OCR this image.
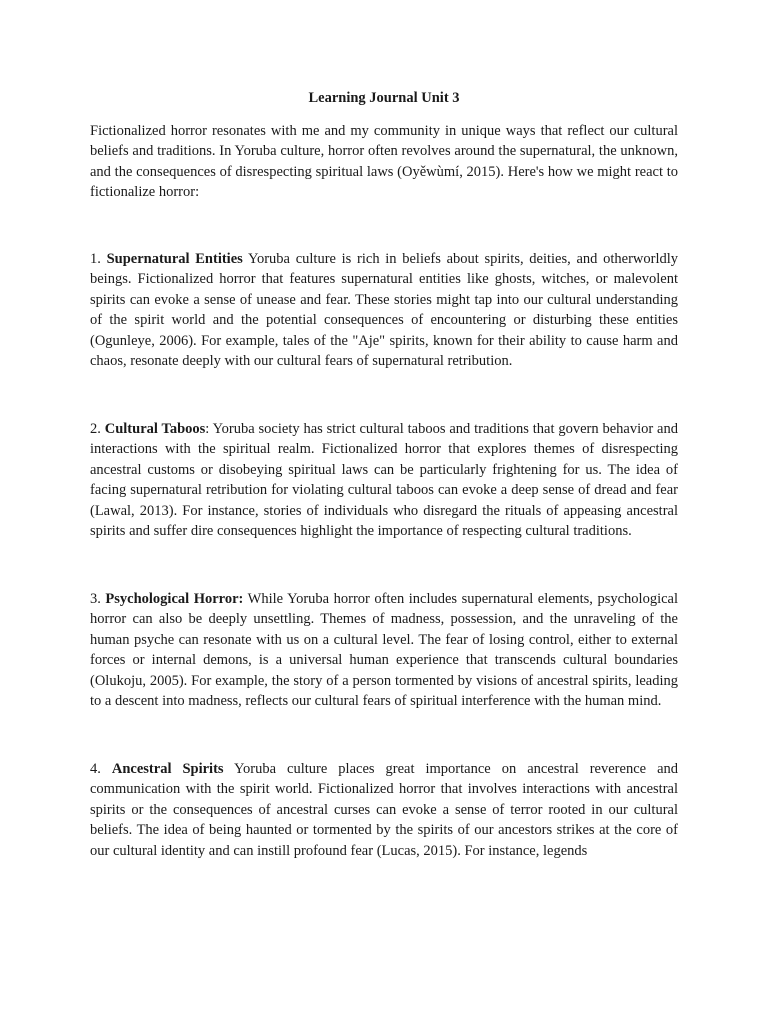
Learning Journal Unit 3

Fictionalized horror resonates with me and my community in unique ways that reflect our cultural beliefs and traditions. In Yoruba culture, horror often revolves around the supernatural, the unknown, and the consequences of disrespecting spiritual laws (Oyěwùmí, 2015). Here's how we might react to fictionalize horror:

1. Supernatural Entities Yoruba culture is rich in beliefs about spirits, deities, and otherworldly beings. Fictionalized horror that features supernatural entities like ghosts, witches, or malevolent spirits can evoke a sense of unease and fear. These stories might tap into our cultural understanding of the spirit world and the potential consequences of encountering or disturbing these entities (Ogunleye, 2006). For example, tales of the "Aje" spirits, known for their ability to cause harm and chaos, resonate deeply with our cultural fears of supernatural retribution.

2. Cultural Taboos: Yoruba society has strict cultural taboos and traditions that govern behavior and interactions with the spiritual realm. Fictionalized horror that explores themes of disrespecting ancestral customs or disobeying spiritual laws can be particularly frightening for us. The idea of facing supernatural retribution for violating cultural taboos can evoke a deep sense of dread and fear (Lawal, 2013). For instance, stories of individuals who disregard the rituals of appeasing ancestral spirits and suffer dire consequences highlight the importance of respecting cultural traditions.

3. Psychological Horror: While Yoruba horror often includes supernatural elements, psychological horror can also be deeply unsettling. Themes of madness, possession, and the unraveling of the human psyche can resonate with us on a cultural level. The fear of losing control, either to external forces or internal demons, is a universal human experience that transcends cultural boundaries (Olukoju, 2005). For example, the story of a person tormented by visions of ancestral spirits, leading to a descent into madness, reflects our cultural fears of spiritual interference with the human mind.

4. Ancestral Spirits Yoruba culture places great importance on ancestral reverence and communication with the spirit world. Fictionalized horror that involves interactions with ancestral spirits or the consequences of ancestral curses can evoke a sense of terror rooted in our cultural beliefs. The idea of being haunted or tormented by the spirits of our ancestors strikes at the core of our cultural identity and can instill profound fear (Lucas, 2015). For instance, legends
